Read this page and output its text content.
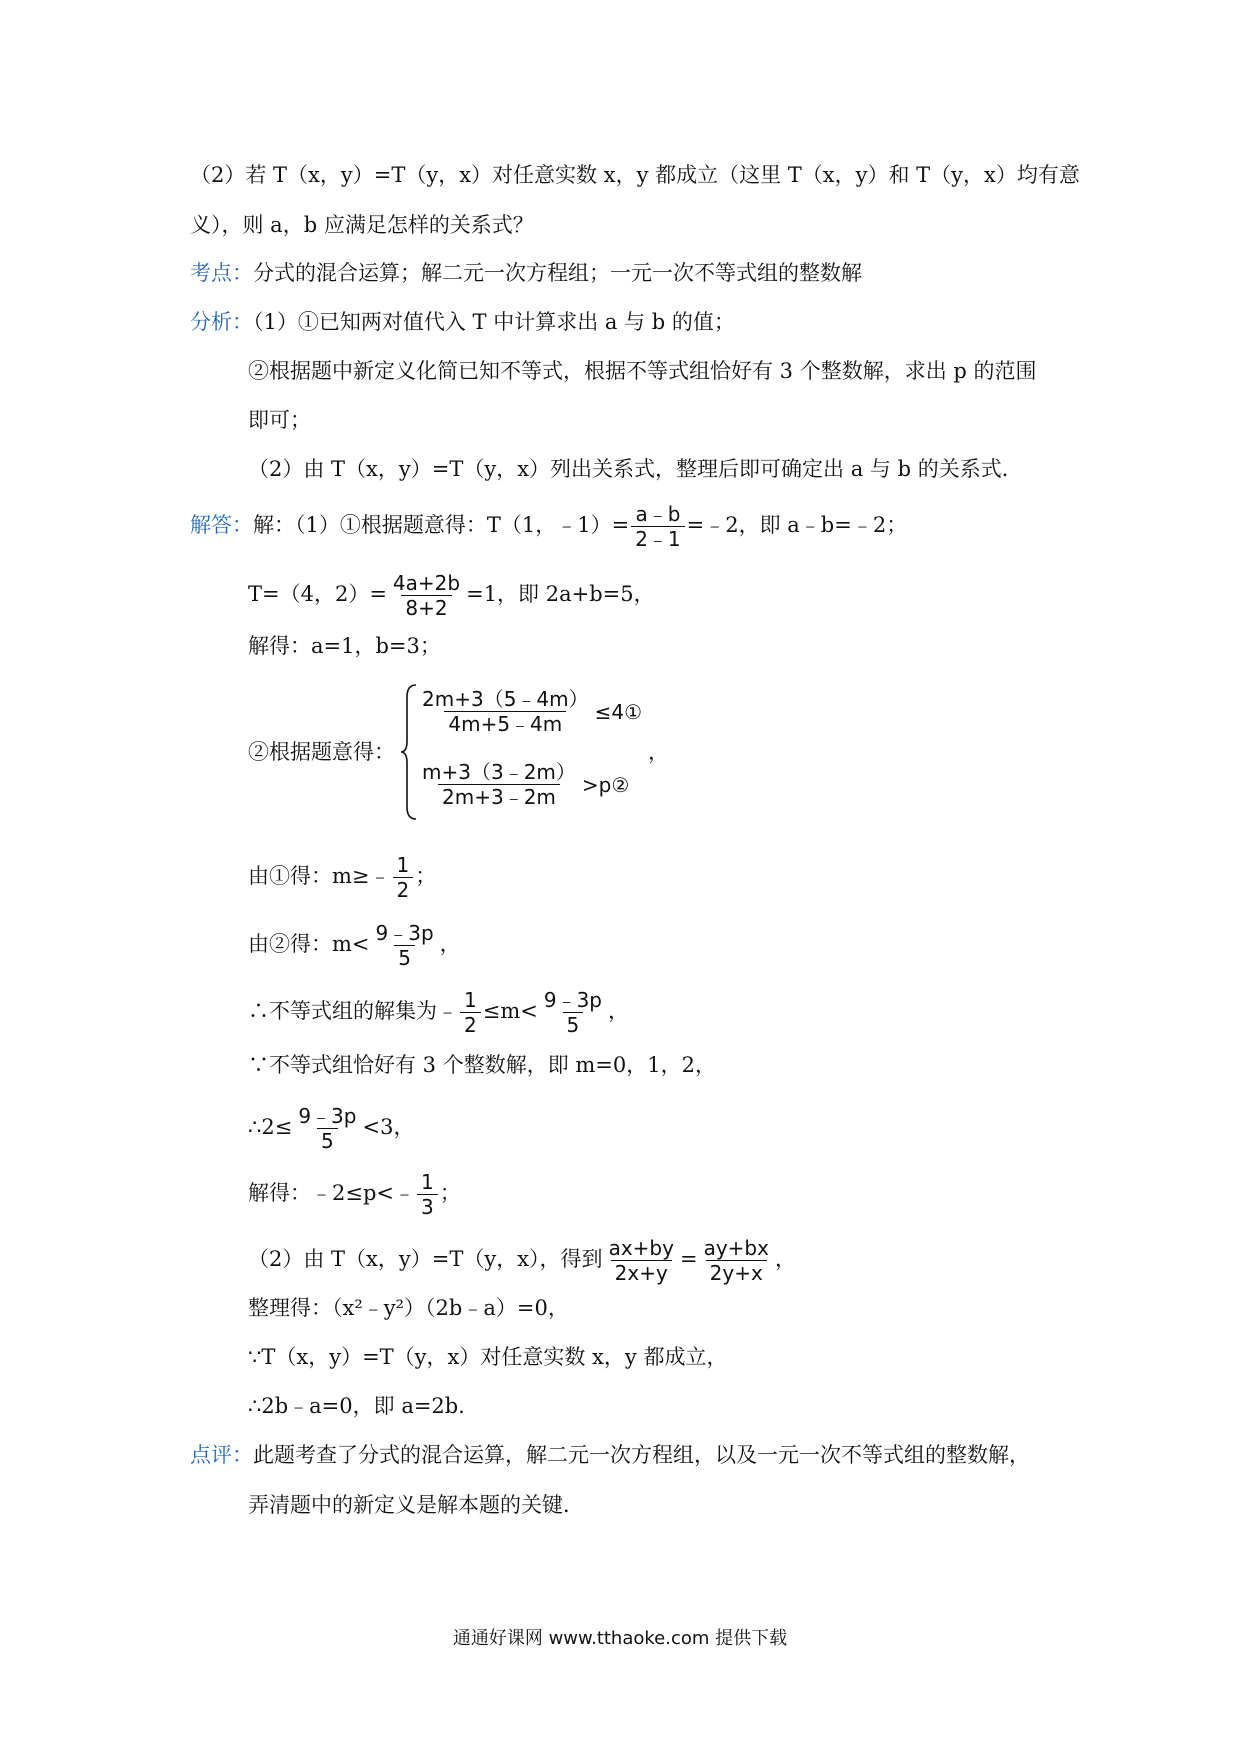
（2）若 T（x，y）=T（y，x）对任意实数 x，y 都成立（这里 T（x，y）和 T（y，x）均有意
义），则 a，b 应满足怎样的关系式？
考点：分式的混合运算；解二元一次方程组；一元一次不等式组的整数解
分析：（1）①已知两对值代入 T 中计算求出 a 与 b 的值；
②根据题中新定义化简已知不等式，根据不等式组恰好有 3 个整数解，求出 p 的范围
即可；
（2）由 T（x，y）=T（y，x）列出关系式，整理后即可确定出 a 与 b 的关系式．
解答：解：（1）①根据题意得：T（1，﹣1）= $\frac{a﹣b}{2﹣1}$ =﹣2，即 a﹣b=﹣2；
T=（4，$2)= \frac{4a+2b}{8+2} =1$，即 2a+b=5，
解得：a=1，b=3；
②根据题意得：
$\frac{2m+3(5﹣4m)}{4m+5﹣4m}$ ≤4①
$\frac{m+3(3﹣2m)}{2m+3﹣2m}$ >p②
，
由①得：m≥﹣ $\frac{1}{2}$ ；
由②得：$m< \frac{9﹣3p}{5}$ ，
∴不等式组的解集为﹣ $\frac{1}{2} \le m< \frac{9﹣3p}{5}$ ，
∵不等式组恰好有 3 个整数解，即 m=0，1，2，
∴2≤ $\frac{9﹣3p}{5} <3$，
解得：﹣2≤p<﹣ $\frac{1}{3}$ ；
（2）由 T（x，y）=T（y，x），得到 $\frac{ax+by}{2x+y} = \frac{ay+bx}{2y+x}$ ，
整理得：（x²﹣y²）（2b﹣a）=0，
∵T（x，y）=T（y，x）对任意实数 x，y 都成立，
∴2b﹣a=0，即 a=2b．
点评：此题考查了分式的混合运算，解二元一次方程组，以及一元一次不等式组的整数解，
弄清题中的新定义是解本题的关键．
通通好课网 www.tthaoke.com 提供下载
